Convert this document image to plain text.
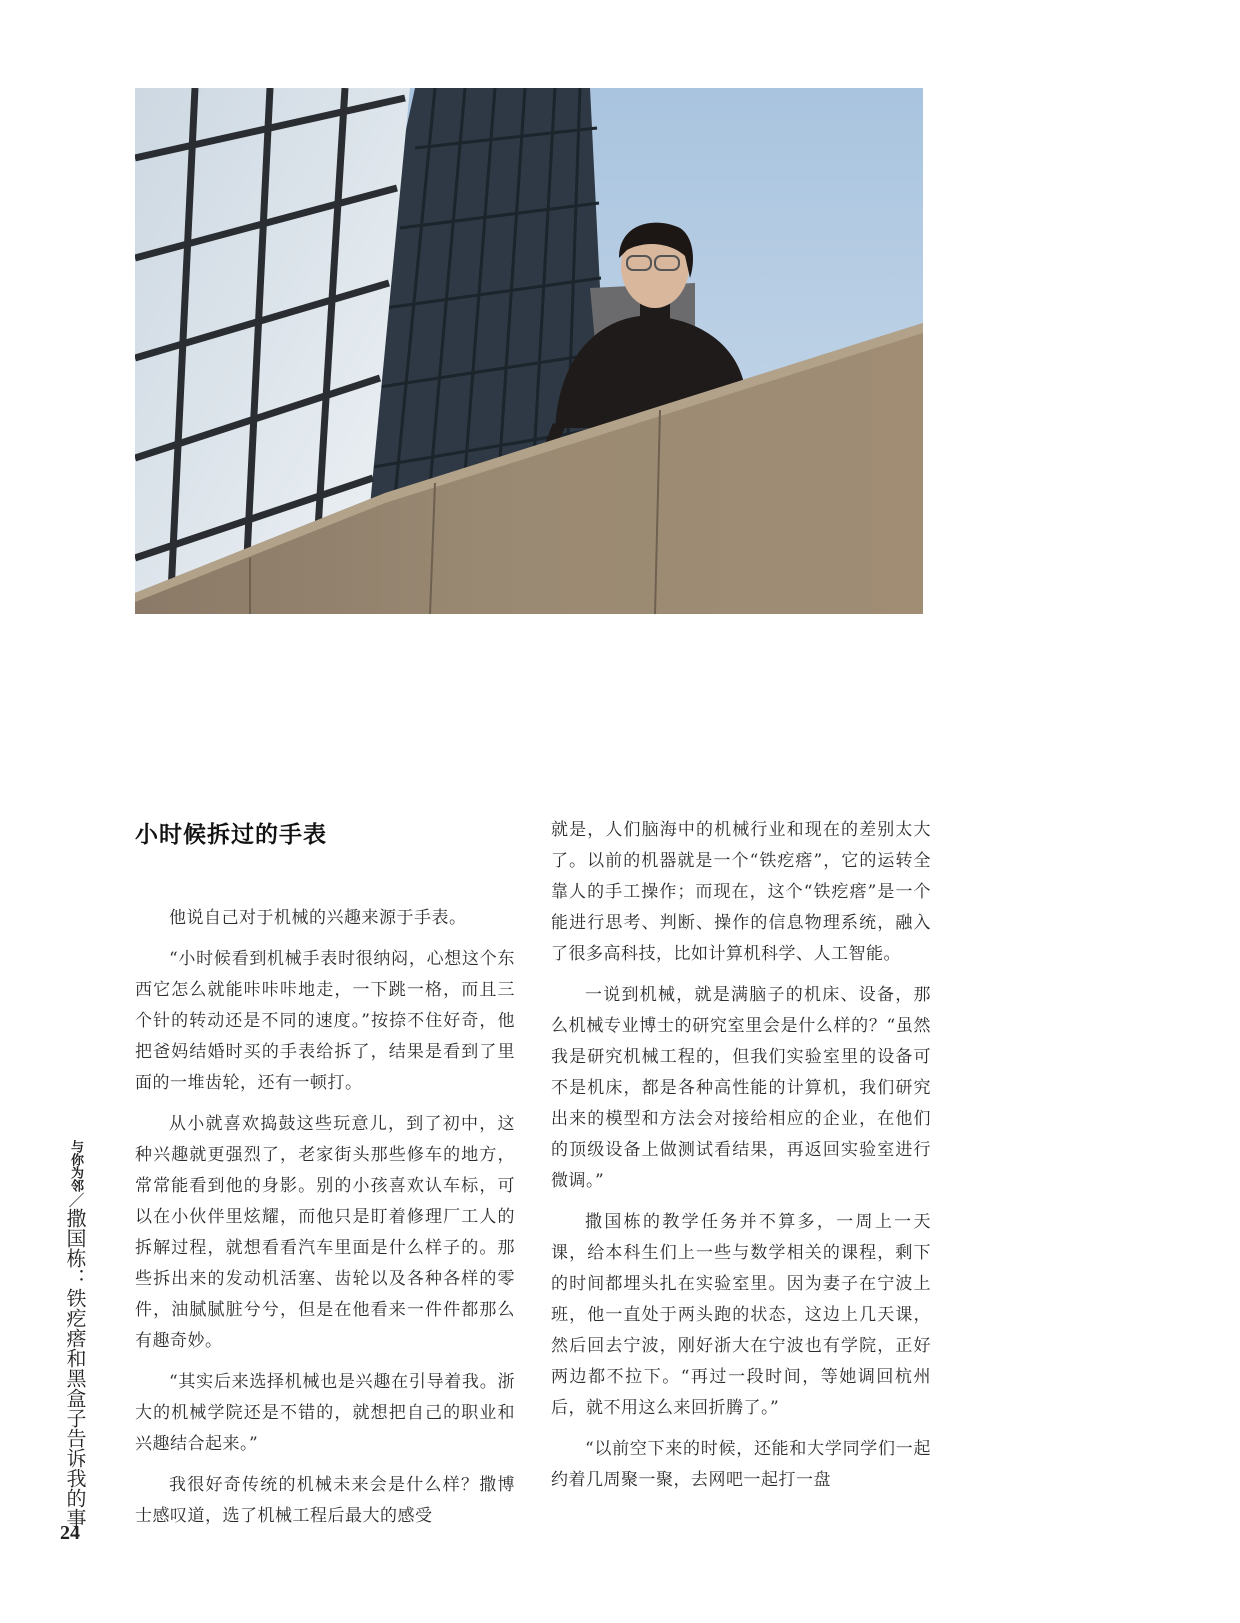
小时候拆过的手表

他说自己对于机械的兴趣来源于手表。

“小时候看到机械手表时很纳闷，心想这个东西它怎么就能咔咔咔地走，一下跳一格，而且三个针的转动还是不同的速度。”按捺不住好奇，他把爸妈结婚时买的手表给拆了，结果是看到了里面的一堆齿轮，还有一顿打。

从小就喜欢捣鼓这些玩意儿，到了初中，这种兴趣就更强烈了，老家街头那些修车的地方，常常能看到他的身影。别的小孩喜欢认车标，可以在小伙伴里炫耀，而他只是盯着修理厂工人的拆解过程，就想看看汽车里面是什么样子的。那些拆出来的发动机活塞、齿轮以及各种各样的零件，油腻腻脏兮兮，但是在他看来一件件都那么有趣奇妙。

“其实后来选择机械也是兴趣在引导着我。浙大的机械学院还是不错的，就想把自己的职业和兴趣结合起来。”

我很好奇传统的机械未来会是什么样？撒博士感叹道，选了机械工程后最大的感受

就是，人们脑海中的机械行业和现在的差别太大了。以前的机器就是一个“铁疙瘩”，它的运转全靠人的手工操作；而现在，这个“铁疙瘩”是一个能进行思考、判断、操作的信息物理系统，融入了很多高科技，比如计算机科学、人工智能。

一说到机械，就是满脑子的机床、设备，那么机械专业博士的研究室里会是什么样的？“虽然我是研究机械工程的，但我们实验室里的设备可不是机床，都是各种高性能的计算机，我们研究出来的模型和方法会对接给相应的企业，在他们的顶级设备上做测试看结果，再返回实验室进行微调。”

撒国栋的教学任务并不算多，一周上一天课，给本科生们上一些与数学相关的课程，剩下的时间都埋头扎在实验室里。因为妻子在宁波上班，他一直处于两头跑的状态，这边上几天课，然后回去宁波，刚好浙大在宁波也有学院，正好两边都不拉下。“再过一段时间，等她调回杭州后，就不用这么来回折腾了。”

“以前空下来的时候，还能和大学同学们一起约着几周聚一聚，去网吧一起打一盘

与你为邻／撒国栋：铁疙瘩和黑盒子告诉我的事
24
